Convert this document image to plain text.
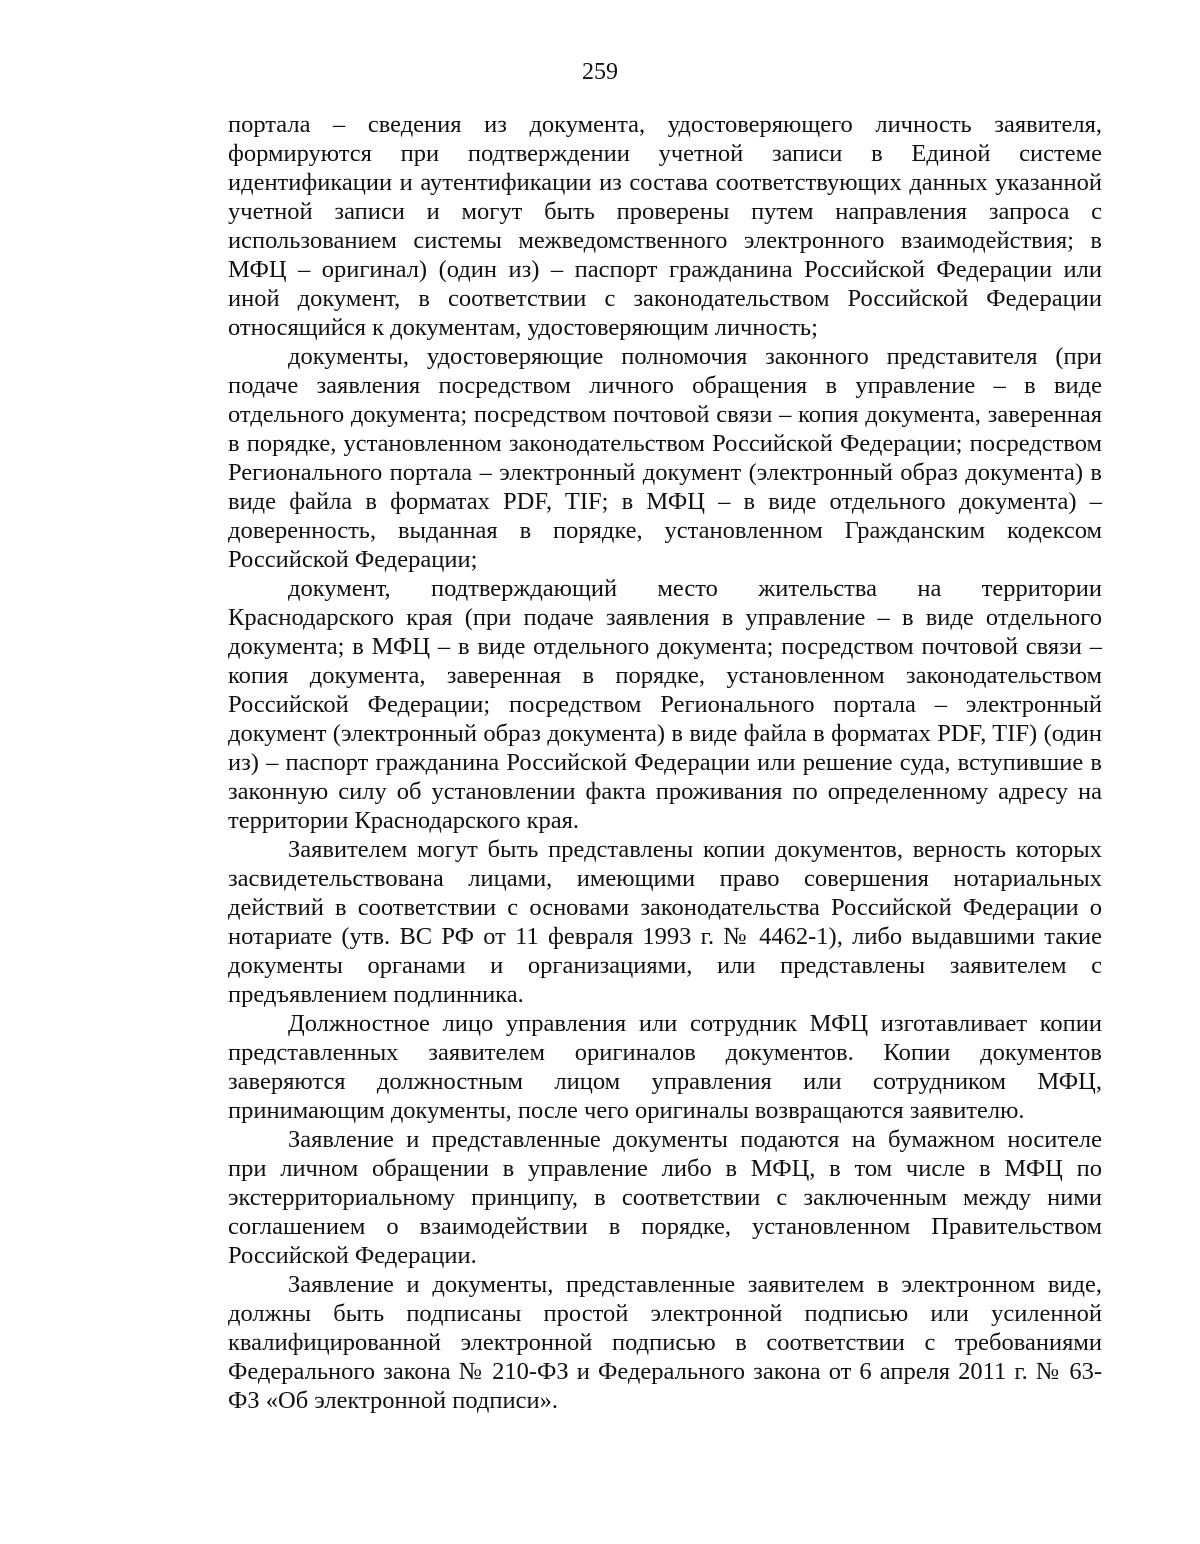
259

портала – сведения из документа, удостоверяющего личность заявителя, формируются при подтверждении учетной записи в Единой системе идентификации и аутентификации из состава соответствующих данных указанной учетной записи и могут быть проверены путем направления запроса с использованием системы межведомственного электронного взаимодействия; в МФЦ – оригинал) (один из) – паспорт гражданина Российской Федерации или иной документ, в соответствии с законодательством Российской Федерации относящийся к документам, удостоверяющим личность;

документы, удостоверяющие полномочия законного представителя (при подаче заявления посредством личного обращения в управление – в виде отдельного документа; посредством почтовой связи – копия документа, заверенная в порядке, установленном законодательством Российской Федерации; посредством Регионального портала – электронный документ (электронный образ документа) в виде файла в форматах PDF, TIF; в МФЦ – в виде отдельного документа) – доверенность, выданная в порядке, установленном Гражданским кодексом Российской Федерации;

документ, подтверждающий место жительства на территории Краснодарского края (при подаче заявления в управление – в виде отдельного документа; в МФЦ – в виде отдельного документа; посредством почтовой связи – копия документа, заверенная в порядке, установленном законодательством Российской Федерации; посредством Регионального портала – электронный документ (электронный образ документа) в виде файла в форматах PDF, TIF) (один из) – паспорт гражданина Российской Федерации или решение суда, вступившие в законную силу об установлении факта проживания по определенному адресу на территории Краснодарского края.

Заявителем могут быть представлены копии документов, верность которых засвидетельствована лицами, имеющими право совершения нотариальных действий в соответствии с основами законодательства Российской Федерации о нотариате (утв. ВС РФ от 11 февраля 1993 г. № 4462-1), либо выдавшими такие документы органами и организациями, или представлены заявителем с предъявлением подлинника.

Должностное лицо управления или сотрудник МФЦ изготавливает копии представленных заявителем оригиналов документов. Копии документов заверяются должностным лицом управления или сотрудником МФЦ, принимающим документы, после чего оригиналы возвращаются заявителю.

Заявление и представленные документы подаются на бумажном носителе при личном обращении в управление либо в МФЦ, в том числе в МФЦ по экстерриториальному принципу, в соответствии с заключенным между ними соглашением о взаимодействии в порядке, установленном Правительством Российской Федерации.

Заявление и документы, представленные заявителем в электронном виде, должны быть подписаны простой электронной подписью или усиленной квалифицированной электронной подписью в соответствии с требованиями Федерального закона № 210-ФЗ и Федерального закона от 6 апреля 2011 г. № 63-ФЗ «Об электронной подписи».
